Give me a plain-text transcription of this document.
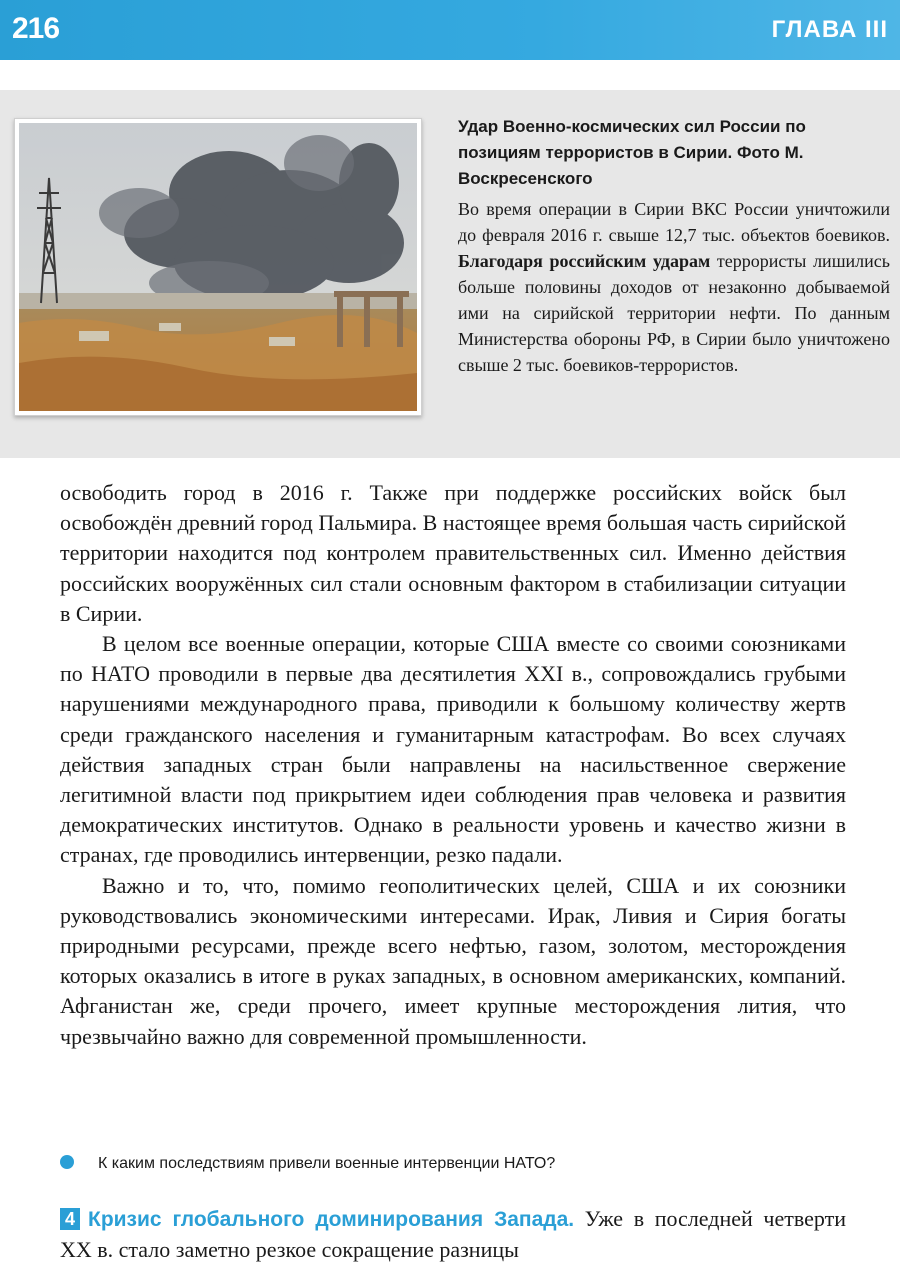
216	ГЛАВА III

Удар Военно-космических сил России по позициям террористов в Сирии. Фото М. Воскресенского

Во время операции в Сирии ВКС России уничтожили до февраля 2016 г. свыше 12,7 тыс. объектов боевиков. Благодаря российским ударам террористы лишились больше половины доходов от незаконно добываемой ими на сирийской территории нефти. По данным Министерства обороны РФ, в Сирии было уничтожено свыше 2 тыс. боевиков-террористов.

освободить город в 2016 г. Также при поддержке российских войск был освобождён древний город Пальмира. В настоящее время большая часть сирийской территории находится под контролем правительственных сил. Именно действия российских вооружённых сил стали основным фактором в стабилизации ситуации в Сирии.

В целом все военные операции, которые США вместе со своими союзниками по НАТО проводили в первые два десятилетия XXI в., сопровождались грубыми нарушениями международного права, приводили к большому количеству жертв среди гражданского населения и гуманитарным катастрофам. Во всех случаях действия западных стран были направлены на насильственное свержение легитимной власти под прикрытием идеи соблюдения прав человека и развития демократических институтов. Однако в реальности уровень и качество жизни в странах, где проводились интервенции, резко падали.

Важно и то, что, помимо геополитических целей, США и их союзники руководствовались экономическими интересами. Ирак, Ливия и Сирия богаты природными ресурсами, прежде всего нефтью, газом, золотом, месторождения которых оказались в итоге в руках западных, в основном американских, компаний. Афганистан же, среди прочего, имеет крупные месторождения лития, что чрезвычайно важно для современной промышленности.

К каким последствиям привели военные интервенции НАТО?

4 Кризис глобального доминирования Запада. Уже в последней четверти XX в. стало заметно резкое сокращение разницы
